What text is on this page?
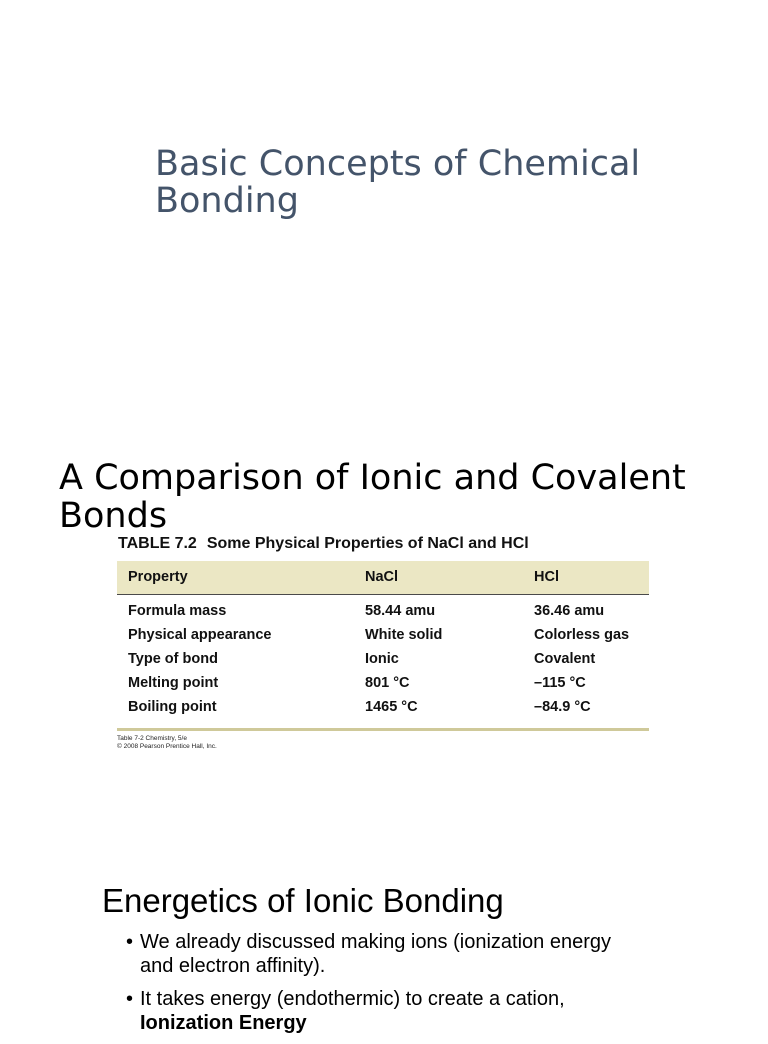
Basic Concepts of Chemical Bonding
A Comparison of Ionic and Covalent Bonds
TABLE 7.2 Some Physical Properties of NaCl and HCl
Property	NaCl	HCl
Formula mass	58.44 amu	36.46 amu
Physical appearance	White solid	Colorless gas
Type of bond	Ionic	Covalent
Melting point	801 °C	–115 °C
Boiling point	1465 °C	–84.9 °C
Table 7-2 Chemistry, 5/e
© 2008 Pearson Prentice Hall, Inc.
Energetics of Ionic Bonding
• We already discussed making ions (ionization energy and electron affinity).
• It takes energy (endothermic) to create a cation,
Ionization Energy
